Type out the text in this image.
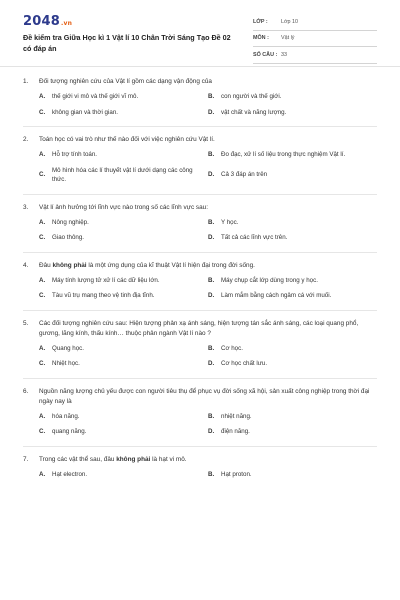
2048.vn
Đề kiểm tra Giữa Học kì 1 Vật lí 10 Chân Trời Sáng Tạo Đề 02 có đáp án
LỚP :	Lớp 10
MÔN :	Vật lý
SỐ CÂU : 33
1.	Đối tượng nghiên cứu của Vật lí gồm các dạng vận động của
A.	thế giới vi mô và thế giới vĩ mô.	B.	con người và thế giới.
C.	không gian và thời gian.	D.	vật chất và năng lượng.
2.	Toán học có vai trò như thế nào đối với việc nghiên cứu Vật lí.
A.	Hỗ trợ tính toán.	B.	Đo đạc, xử lí số liệu trong thực nghiệm Vật lí.
C.
Mô hình hóa các lí thuyết vật lí dưới dạng các công thức.
D.	Cả 3 đáp án trên
3.	Vật lí ảnh hưởng tới lĩnh vực nào trong số các lĩnh vực sau:
A.	Nông nghiệp.	B.	Y học.
C.	Giao thông.	D.	Tất cả các lĩnh vực trên.
4.	Đâu không phải là một ứng dụng của kĩ thuật Vật lí hiện đại trong đời sống.
A.	Máy tính lượng tử xử lí các dữ liệu lớn.	B.	Máy chụp cắt lớp dùng trong y học.
C.	Tàu vũ trụ mang theo vệ tinh địa tĩnh.	D.	Làm mắm bằng cách ngâm cá với muối.
5.	Các đối tượng nghiên cứu sau: Hiện tượng phản xạ ánh sáng, hiện tượng tán sắc ánh sáng, các loại quang phổ, gương, lăng kính, thấu kính… thuộc phân ngành Vật lí nào ?
A.	Quang học.	B.	Cơ học.
C.	Nhiệt học.	D.	Cơ học chất lưu.
6.	Nguồn năng lượng chủ yếu được con người tiêu thụ để phục vụ đời sống xã hội, sản xuất công nghiệp trong thời đại ngày nay là
A.	hóa năng.	B.	nhiệt năng.
C.	quang năng.	D.	điện năng.
7.	Trong các vật thể sau, đâu không phải là hạt vi mô.
A.	Hạt electron.	B.	Hạt proton.
